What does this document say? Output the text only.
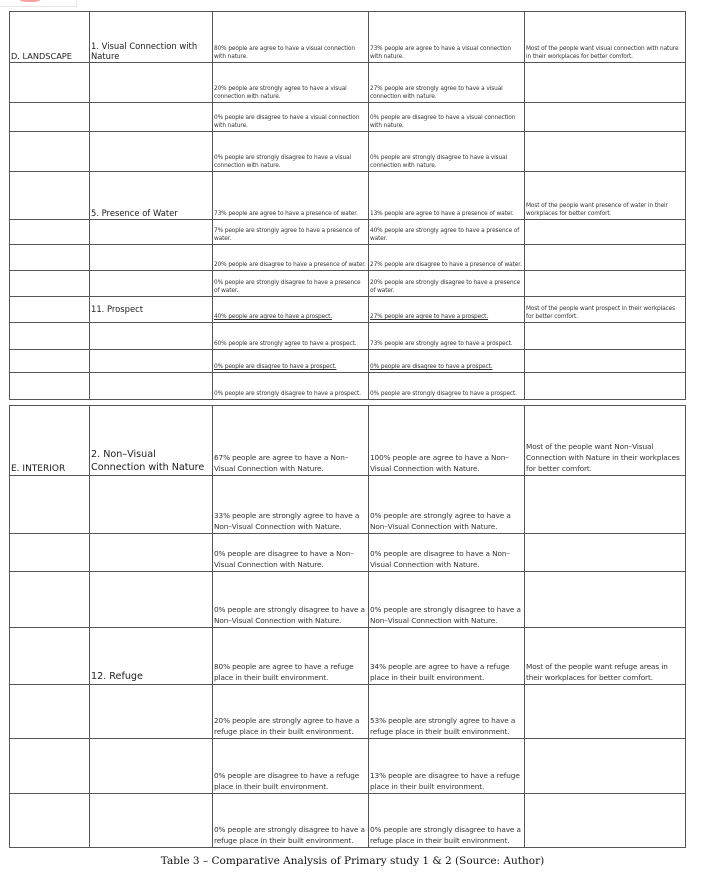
D. LANDSCAPE	1. Visual Connection with Nature	80% people are agree to have a visual connection with nature.	73% people are agree to have a visual connection with nature.	Most of the people want visual connection with nature in their workplaces for better comfort.
		20% people are strongly agree to have a visual connection with nature.	27% people are strongly agree to have a visual connection with nature.	
		0% people are disagree to have a visual connection with nature.	0% people are disagree to have a visual connection with nature.	
		0% people are strongly disagree to have a visual connection with nature.	0% people are strongly disagree to have a visual connection with nature.	
	5. Presence of Water	73% people are agree to have a presence of water.	13% people are agree to have a presence of water.	Most of the people want presence of water in their workplaces for better comfort.
		7% people are strongly agree to have a presence of water.	40% people are strongly agree to have a presence of water.	
		20% people are disagree to have a presence of water.	27% people are disagree to have a presence of water.	
		0% people are strongly disagree to have a presence of water.	20% people are strongly disagree to have a presence of water.	
	11. Prospect	40% people are agree to have a prospect.	27% people are agree to have a prospect.	Most of the people want prospect in their workplaces for better comfort.
		60% people are strongly agree to have a prospect.	73% people are strongly agree to have a prospect.	
		0% people are disagree to have a prospect.	0% people are disagree to have a prospect.	
		0% people are strongly disagree to have a prospect.	0% people are strongly disagree to have a prospect.	
E. INTERIOR	2. Non–Visual Connection with Nature	67% people are agree to have a Non–Visual Connection with Nature.	100% people are agree to have a Non–Visual Connection with Nature.	Most of the people want Non–Visual Connection with Nature in their workplaces for better comfort.
		33% people are strongly agree to have a Non–Visual Connection with Nature.	0% people are strongly agree to have a Non–Visual Connection with Nature.	
		0% people are disagree to have a Non–Visual Connection with Nature.	0% people are disagree to have a Non–Visual Connection with Nature.	
		0% people are strongly disagree to have a Non–Visual Connection with Nature.	0% people are strongly disagree to have a Non–Visual Connection with Nature.	
	12. Refuge	80% people are agree to have a refuge place in their built environment.	34% people are agree to have a refuge place in their built environment.	Most of the people want refuge areas in their workplaces for better comfort.
		20% people are strongly agree to have a refuge place in their built environment.	53% people are strongly agree to have a refuge place in their built environment.	
		0% people are disagree to have a refuge place in their built environment.	13% people are disagree to have a refuge place in their built environment.	
		0% people are strongly disagree to have a refuge place in their built environment.	0% people are strongly disagree to have a refuge place in their built environment.	
Table 3 – Comparative Analysis of Primary study 1 & 2 (Source: Author)
